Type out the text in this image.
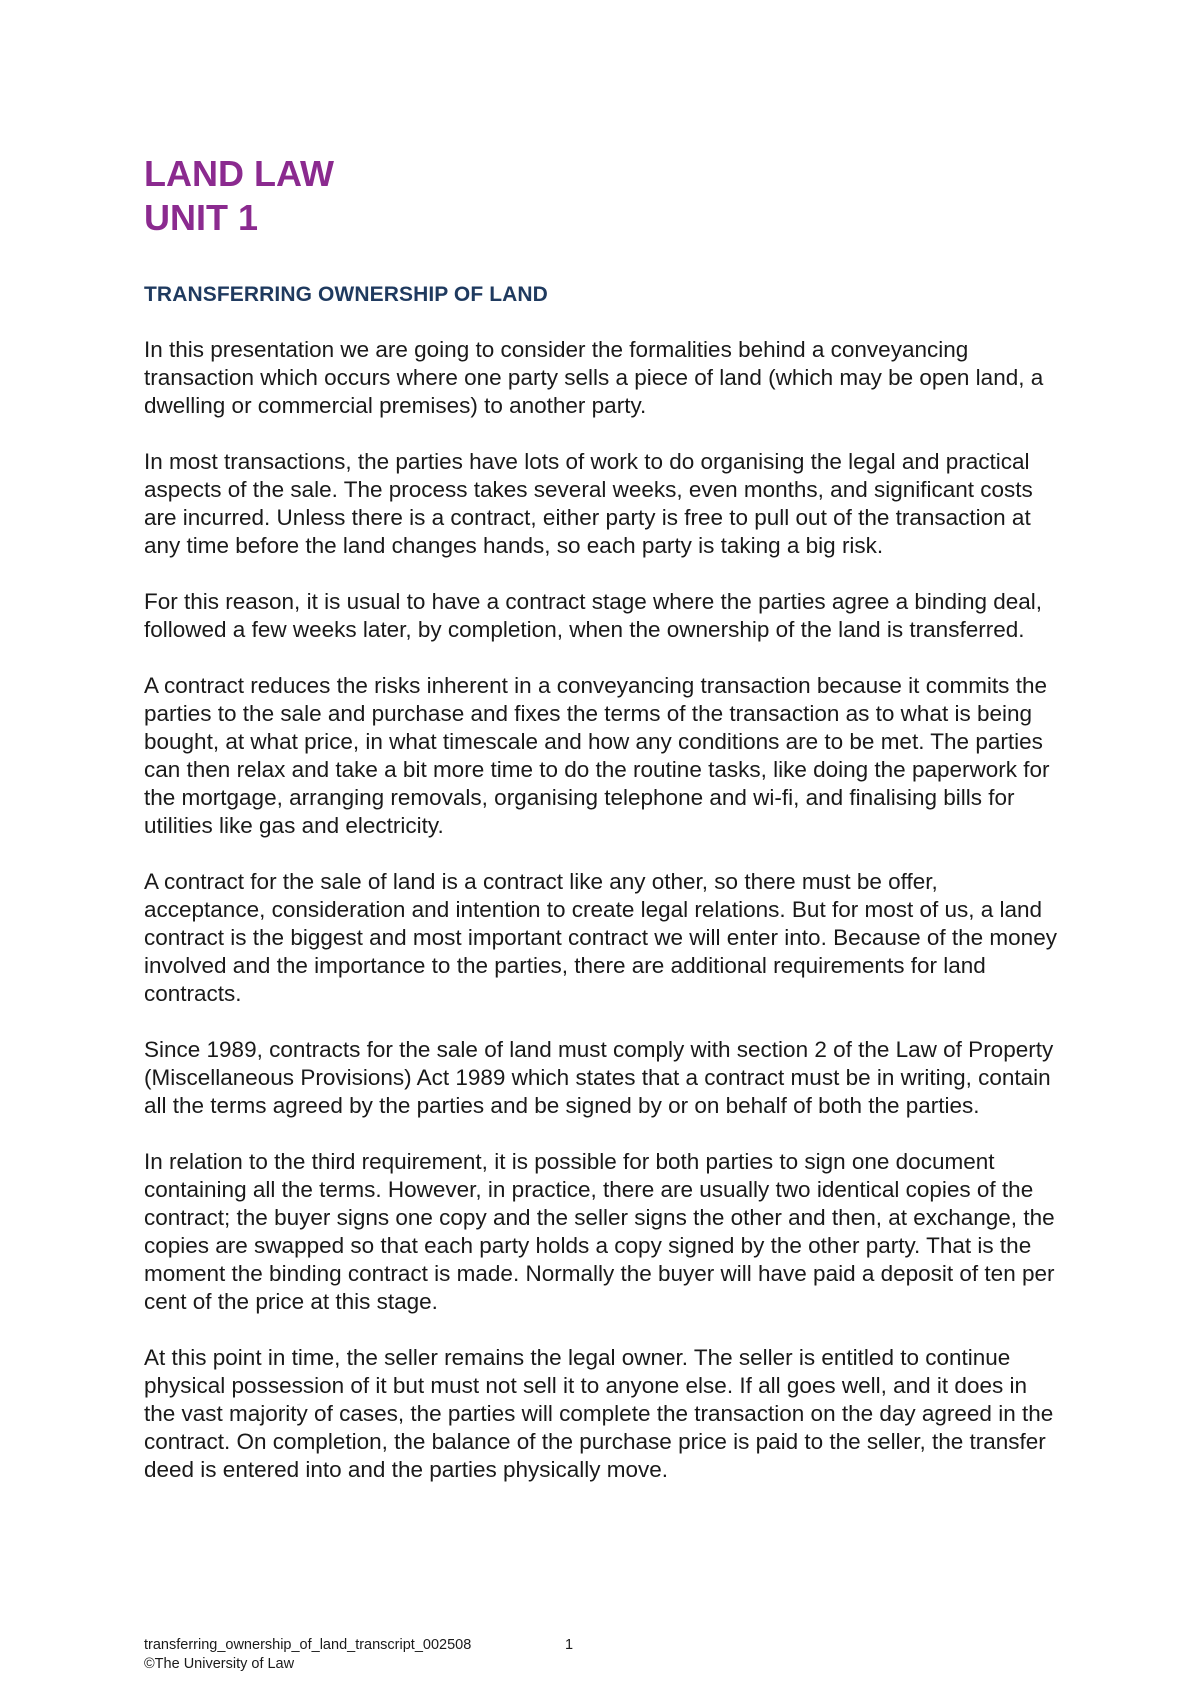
LAND LAW
UNIT 1
TRANSFERRING OWNERSHIP OF LAND

In this presentation we are going to consider the formalities behind a conveyancing transaction which occurs where one party sells a piece of land (which may be open land, a dwelling or commercial premises) to another party.

In most transactions, the parties have lots of work to do organising the legal and practical aspects of the sale. The process takes several weeks, even months, and significant costs are incurred. Unless there is a contract, either party is free to pull out of the transaction at any time before the land changes hands, so each party is taking a big risk.

For this reason, it is usual to have a contract stage where the parties agree a binding deal, followed a few weeks later, by completion, when the ownership of the land is transferred.

A contract reduces the risks inherent in a conveyancing transaction because it commits the parties to the sale and purchase and fixes the terms of the transaction as to what is being bought, at what price, in what timescale and how any conditions are to be met. The parties can then relax and take a bit more time to do the routine tasks, like doing the paperwork for the mortgage, arranging removals, organising telephone and wi-fi, and finalising bills for utilities like gas and electricity.

A contract for the sale of land is a contract like any other, so there must be offer, acceptance, consideration and intention to create legal relations. But for most of us, a land contract is the biggest and most important contract we will enter into. Because of the money involved and the importance to the parties, there are additional requirements for land contracts.

Since 1989, contracts for the sale of land must comply with section 2 of the Law of Property (Miscellaneous Provisions) Act 1989 which states that a contract must be in writing, contain all the terms agreed by the parties and be signed by or on behalf of both the parties.

In relation to the third requirement, it is possible for both parties to sign one document containing all the terms. However, in practice, there are usually two identical copies of the contract; the buyer signs one copy and the seller signs the other and then, at exchange, the copies are swapped so that each party holds a copy signed by the other party. That is the moment the binding contract is made. Normally the buyer will have paid a deposit of ten per cent of the price at this stage.

At this point in time, the seller remains the legal owner. The seller is entitled to continue physical possession of it but must not sell it to anyone else. If all goes well, and it does in the vast majority of cases, the parties will complete the transaction on the day agreed in the contract. On completion, the balance of the purchase price is paid to the seller, the transfer deed is entered into and the parties physically move.

transferring_ownership_of_land_transcript_002508	1
©The University of Law
